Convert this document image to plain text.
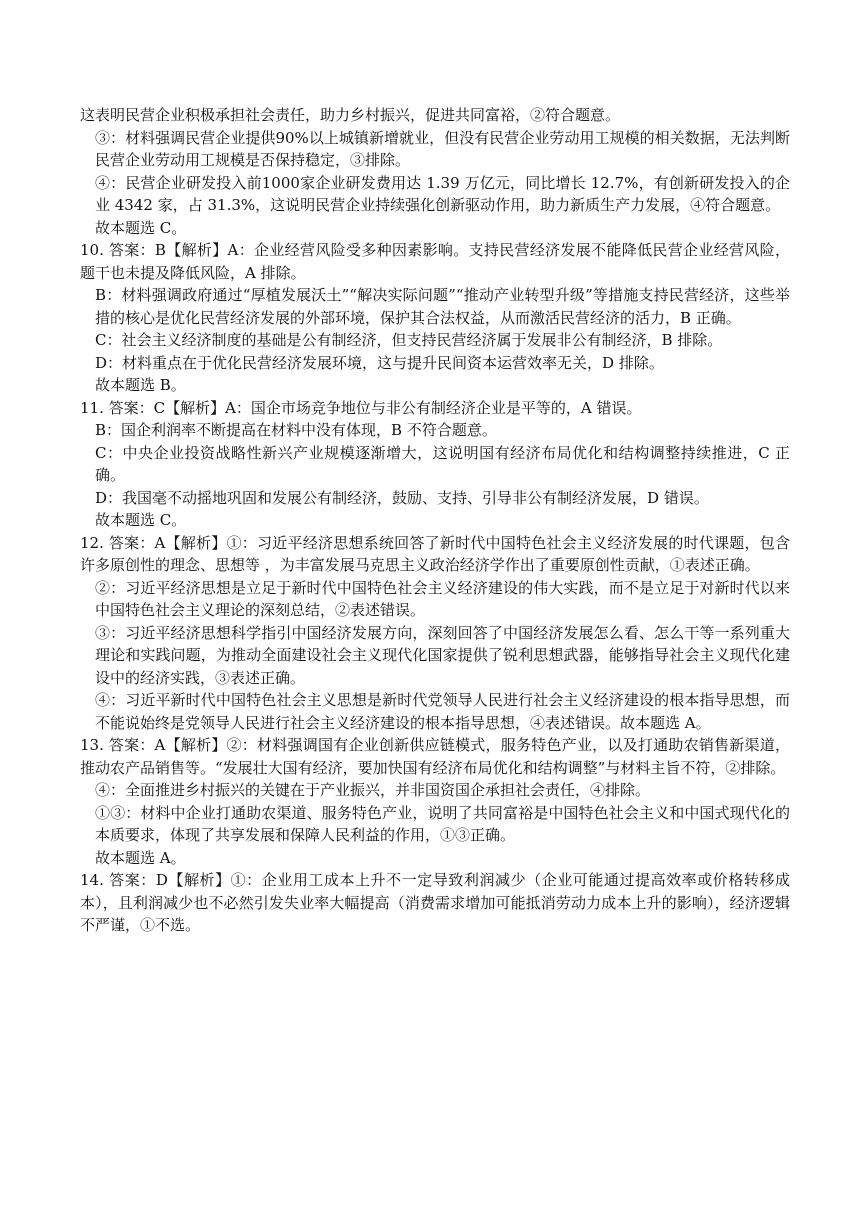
这表明民营企业积极承担社会责任，助力乡村振兴，促进共同富裕，②符合题意。

③：材料强调民营企业提供90%以上城镇新增就业，但没有民营企业劳动用工规模的相关数据，无法判断民营企业劳动用工规模是否保持稳定，③排除。

④：民营企业研发投入前1000家企业研发费用达 1.39 万亿元，同比增长 12.7%，有创新研发投入的企业 4342 家，占 31.3%，这说明民营企业持续强化创新驱动作用，助力新质生产力发展，④符合题意。

故本题选 C。

10. 答案：B【解析】A：企业经营风险受多种因素影响。支持民营经济发展不能降低民营企业经营风险，题干也未提及降低风险，A 排除。

B：材料强调政府通过“厚植发展沃土”“解决实际问题”“推动产业转型升级”等措施支持民营经济，这些举措的核心是优化民营经济发展的外部环境，保护其合法权益，从而激活民营经济的活力，B 正确。

C：社会主义经济制度的基础是公有制经济，但支持民营经济属于发展非公有制经济，B 排除。

D：材料重点在于优化民营经济发展环境，这与提升民间资本运营效率无关，D 排除。

故本题选 B。

11. 答案：C【解析】A：国企市场竞争地位与非公有制经济企业是平等的，A 错误。

B：国企利润率不断提高在材料中没有体现，B 不符合题意。

C：中央企业投资战略性新兴产业规模逐渐增大，这说明国有经济布局优化和结构调整持续推进，C 正确。

D：我国毫不动摇地巩固和发展公有制经济，鼓励、支持、引导非公有制经济发展，D 错误。

故本题选 C。

12. 答案：A【解析】①：习近平经济思想系统回答了新时代中国特色社会主义经济发展的时代课题，包含许多原创性的理念、思想等 ，为丰富发展马克思主义政治经济学作出了重要原创性贡献，①表述正确。

②：习近平经济思想是立足于新时代中国特色社会主义经济建设的伟大实践，而不是立足于对新时代以来中国特色社会主义理论的深刻总结，②表述错误。

③：习近平经济思想科学指引中国经济发展方向，深刻回答了中国经济发展怎么看、怎么干等一系列重大理论和实践问题，为推动全面建设社会主义现代化国家提供了锐利思想武器，能够指导社会主义现代化建设中的经济实践，③表述正确。

④：习近平新时代中国特色社会主义思想是新时代党领导人民进行社会主义经济建设的根本指导思想，而不能说始终是党领导人民进行社会主义经济建设的根本指导思想，④表述错误。故本题选 A。

13. 答案：A【解析】②：材料强调国有企业创新供应链模式，服务特色产业，以及打通助农销售新渠道，推动农产品销售等。“发展壮大国有经济，要加快国有经济布局优化和结构调整”与材料主旨不符，②排除。

④：全面推进乡村振兴的关键在于产业振兴，并非国资国企承担社会责任，④排除。

①③：材料中企业打通助农渠道、服务特色产业，说明了共同富裕是中国特色社会主义和中国式现代化的本质要求，体现了共享发展和保障人民利益的作用，①③正确。

故本题选 A。

14. 答案：D【解析】①：企业用工成本上升不一定导致利润减少（企业可能通过提高效率或价格转移成本），且利润减少也不必然引发失业率大幅提高（消费需求增加可能抵消劳动力成本上升的影响），经济逻辑不严谨，①不选。
